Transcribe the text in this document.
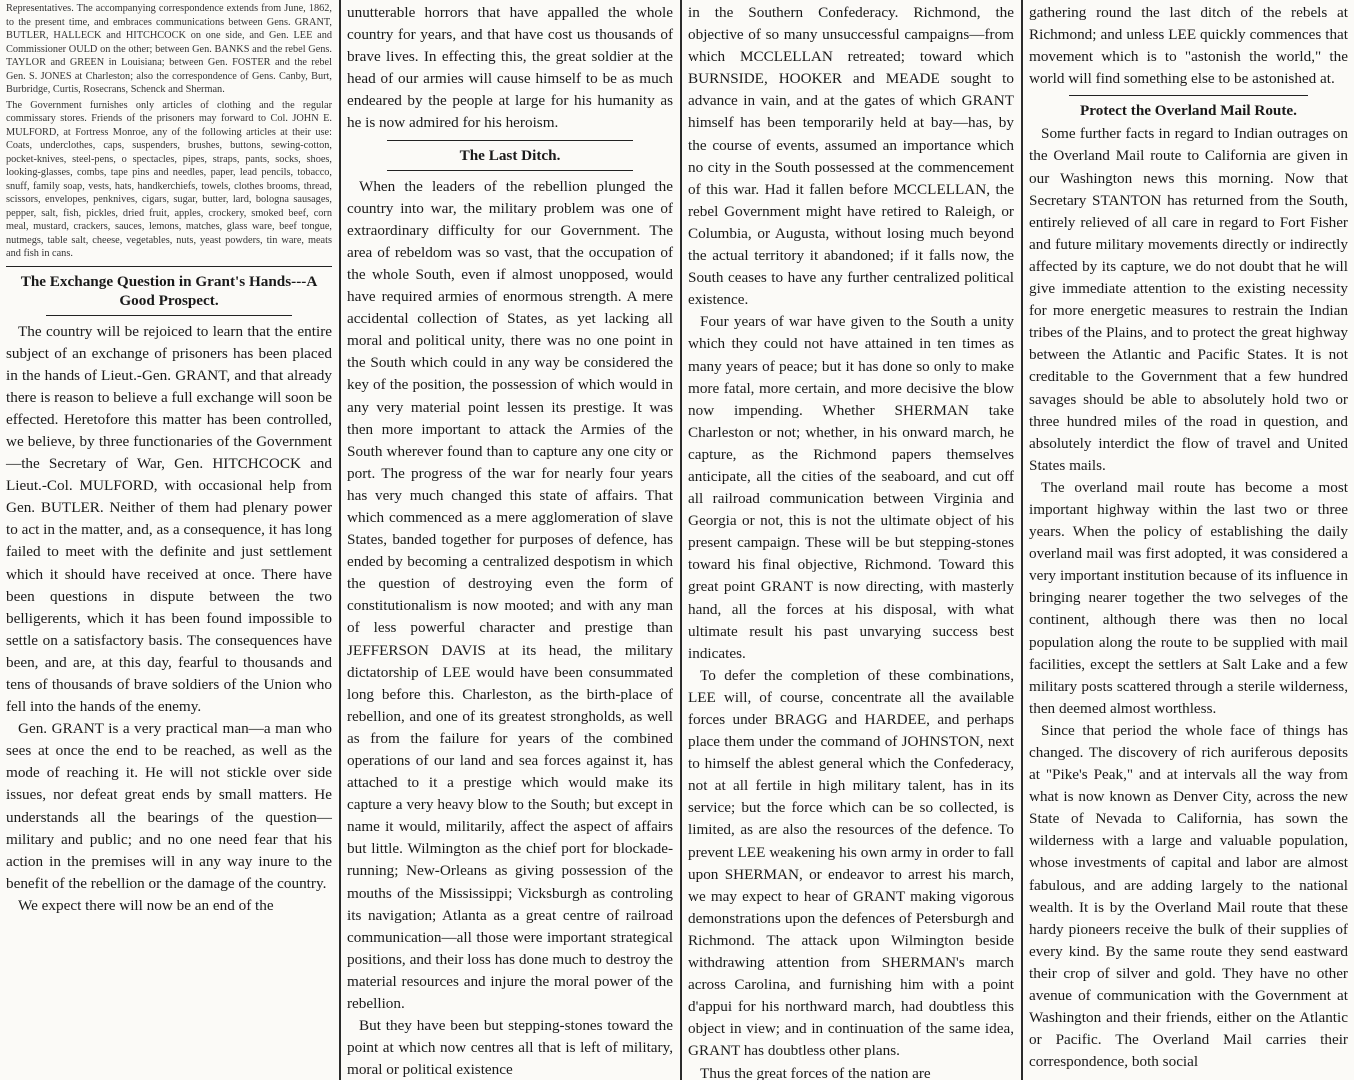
Representatives. The accompanying correspondence extends from June, 1862, to the present time, and embraces communications between Gens. GRANT, BUTLER, HALLECK and HITCHCOCK on one side, and Gen. LEE and Commissioner OULD on the other; between Gen. BANKS and the rebel Gens. TAYLOR and GREEN in Louisiana; between Gen. FOSTER and the rebel Gen. S. JONES at Charleston; also the correspondence of Gens. Canby, Burt, Burbridge, Curtis, Rosecrans, Schenck and Sherman.

The Government furnishes only articles of clothing and the regular commissary stores. Friends of the prisoners may forward to Col. JOHN E. MULFORD, at Fortress Monroe, any of the following articles at their use: Coats, underclothes, caps, suspenders, brushes, buttons, sewing-cotton, pocket-knives, steel-pens, o spectacles, pipes, straps, pants, socks, shoes, looking-glasses, combs, tape pins and needles, paper, lead pencils, tobacco, snuff, family soap, vests, hats, handkerchiefs, towels, clothes brooms, thread, scissors, envelopes, penknives, cigars, sugar, butter, lard, bologna sausages, pepper, salt, fish, pickles, dried fruit, apples, crockery, smoked beef, corn meal, mustard, crackers, sauces, lemons, matches, glass ware, beef tongue, nutmegs, table salt, cheese, vegetables, nuts, yeast powders, tin ware, meats and fish in cans.

The Exchange Question in Grant's Hands---A Good Prospect.

The country will be rejoiced to learn that the entire subject of an exchange of prisoners has been placed in the hands of Lieut.-Gen. GRANT, and that already there is reason to believe a full exchange will soon be effected. Heretofore this matter has been controlled, we believe, by three functionaries of the Government—the Secretary of War, Gen. HITCHCOCK and Lieut.-Col. MULFORD, with occasional help from Gen. BUTLER. Neither of them had plenary power to act in the matter, and, as a consequence, it has long failed to meet with the definite and just settlement which it should have received at once. There have been questions in dispute between the two belligerents, which it has been found impossible to settle on a satisfactory basis. The consequences have been, and are, at this day, fearful to thousands and tens of thousands of brave soldiers of the Union who fell into the hands of the enemy.

Gen. GRANT is a very practical man—a man who sees at once the end to be reached, as well as the mode of reaching it. He will not stickle over side issues, nor defeat great ends by small matters. He understands all the bearings of the question—military and public; and no one need fear that his action in the premises will in any way inure to the benefit of the rebellion or the damage of the country.

We expect there will now be an end of the

unutterable horrors that have appalled the whole country for years, and that have cost us thousands of brave lives. In effecting this, the great soldier at the head of our armies will cause himself to be as much endeared by the people at large for his humanity as he is now admired for his heroism.

The Last Ditch.

When the leaders of the rebellion plunged the country into war, the military problem was one of extraordinary difficulty for our Government. The area of rebeldom was so vast, that the occupation of the whole South, even if almost unopposed, would have required armies of enormous strength. A mere accidental collection of States, as yet lacking all moral and political unity, there was no one point in the South which could in any way be considered the key of the position, the possession of which would in any very material point lessen its prestige. It was then more important to attack the Armies of the South wherever found than to capture any one city or port. The progress of the war for nearly four years has very much changed this state of affairs. That which commenced as a mere agglomeration of slave States, banded together for purposes of defence, has ended by becoming a centralized despotism in which the question of destroying even the form of constitutionalism is now mooted; and with any man of less powerful character and prestige than JEFFERSON DAVIS at its head, the military dictatorship of LEE would have been consummated long before this. Charleston, as the birth-place of rebellion, and one of its greatest strongholds, as well as from the failure for years of the combined operations of our land and sea forces against it, has attached to it a prestige which would make its capture a very heavy blow to the South; but except in name it would, militarily, affect the aspect of affairs but little. Wilmington as the chief port for blockade-running; New-Orleans as giving possession of the mouths of the Mississippi; Vicksburgh as controling its navigation; Atlanta as a great centre of railroad communication—all those were important strategical positions, and their loss has done much to destroy the material resources and injure the moral power of the rebellion.

But they have been but stepping-stones toward the point at which now centres all that is left of military, moral or political existence

in the Southern Confederacy. Richmond, the objective of so many unsuccessful campaigns—from which MCCLELLAN retreated; toward which BURNSIDE, HOOKER and MEADE sought to advance in vain, and at the gates of which GRANT himself has been temporarily held at bay—has, by the course of events, assumed an importance which no city in the South possessed at the commencement of this war. Had it fallen before MCCLELLAN, the rebel Government might have retired to Raleigh, or Columbia, or Augusta, without losing much beyond the actual territory it abandoned; if it falls now, the South ceases to have any further centralized political existence.

Four years of war have given to the South a unity which they could not have attained in ten times as many years of peace; but it has done so only to make more fatal, more certain, and more decisive the blow now impending. Whether SHERMAN take Charleston or not; whether, in his onward march, he capture, as the Richmond papers themselves anticipate, all the cities of the seaboard, and cut off all railroad communication between Virginia and Georgia or not, this is not the ultimate object of his present campaign. These will be but stepping-stones toward his final objective, Richmond. Toward this great point GRANT is now directing, with masterly hand, all the forces at his disposal, with what ultimate result his past unvarying success best indicates.

To defer the completion of these combinations, LEE will, of course, concentrate all the available forces under BRAGG and HARDEE, and perhaps place them under the command of JOHNSTON, next to himself the ablest general which the Confederacy, not at all fertile in high military talent, has in its service; but the force which can be so collected, is limited, as are also the resources of the defence. To prevent LEE weakening his own army in order to fall upon SHERMAN, or endeavor to arrest his march, we may expect to hear of GRANT making vigorous demonstrations upon the defences of Petersburgh and Richmond. The attack upon Wilmington beside withdrawing attention from SHERMAN's march across Carolina, and furnishing him with a point d'appui for his northward march, had doubtless this object in view; and in continuation of the same idea, GRANT has doubtless other plans.

Thus the great forces of the nation are

gathering round the last ditch of the rebels at Richmond; and unless LEE quickly commences that movement which is to "astonish the world," the world will find something else to be astonished at.

Protect the Overland Mail Route.

Some further facts in regard to Indian outrages on the Overland Mail route to California are given in our Washington news this morning. Now that Secretary STANTON has returned from the South, entirely relieved of all care in regard to Fort Fisher and future military movements directly or indirectly affected by its capture, we do not doubt that he will give immediate attention to the existing necessity for more energetic measures to restrain the Indian tribes of the Plains, and to protect the great highway between the Atlantic and Pacific States. It is not creditable to the Government that a few hundred savages should be able to absolutely hold two or three hundred miles of the road in question, and absolutely interdict the flow of travel and United States mails.

The overland mail route has become a most important highway within the last two or three years. When the policy of establishing the daily overland mail was first adopted, it was considered a very important institution because of its influence in bringing nearer together the two selveges of the continent, although there was then no local population along the route to be supplied with mail facilities, except the settlers at Salt Lake and a few military posts scattered through a sterile wilderness, then deemed almost worthless.

Since that period the whole face of things has changed. The discovery of rich auriferous deposits at "Pike's Peak," and at intervals all the way from what is now known as Denver City, across the new State of Nevada to California, has sown the wilderness with a large and valuable population, whose investments of capital and labor are almost fabulous, and are adding largely to the national wealth. It is by the Overland Mail route that these hardy pioneers receive the bulk of their supplies of every kind. By the same route they send eastward their crop of silver and gold. They have no other avenue of communication with the Government at Washington and their friends, either on the Atlantic or Pacific. The Overland Mail carries their correspondence, both social
